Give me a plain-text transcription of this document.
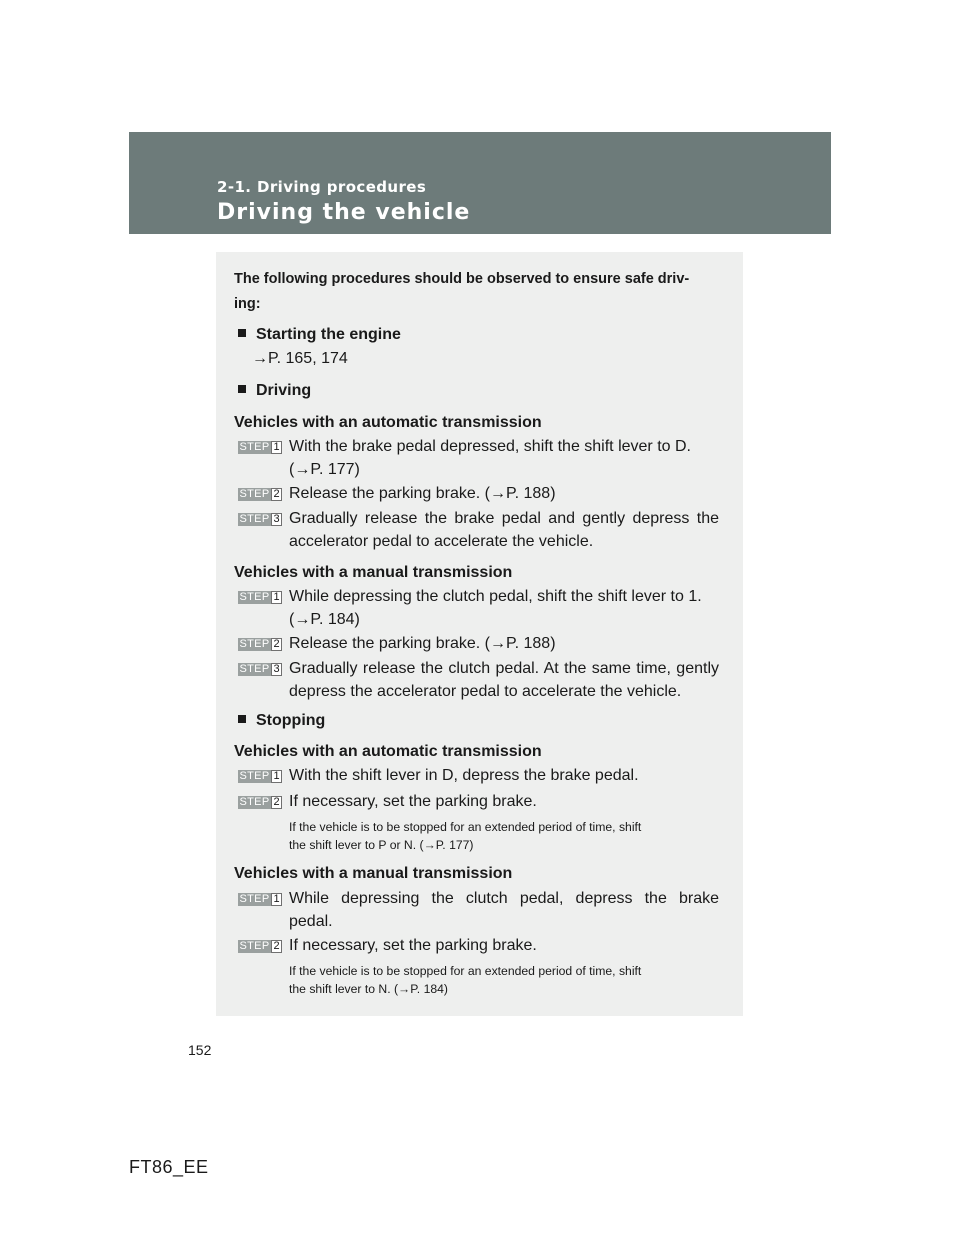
2-1. Driving procedures
Driving the vehicle
The following procedures should be observed to ensure safe driv-
ing:
Starting the engine
→P. 165, 174
Driving
Vehicles with an automatic transmission
STEP 1 With the brake pedal depressed, shift the shift lever to D.
(→P. 177)
STEP 2 Release the parking brake. (→P. 188)
STEP 3 Gradually release the brake pedal and gently depress the
accelerator pedal to accelerate the vehicle.
Vehicles with a manual transmission
STEP 1 While depressing the clutch pedal, shift the shift lever to 1.
(→P. 184)
STEP 2 Release the parking brake. (→P. 188)
STEP 3 Gradually release the clutch pedal. At the same time, gently
depress the accelerator pedal to accelerate the vehicle.
Stopping
Vehicles with an automatic transmission
STEP 1 With the shift lever in D, depress the brake pedal.
STEP 2 If necessary, set the parking brake.
If the vehicle is to be stopped for an extended period of time, shift
the shift lever to P or N. (→P. 177)
Vehicles with a manual transmission
STEP 1 While depressing the clutch pedal, depress the brake
pedal.
STEP 2 If necessary, set the parking brake.
If the vehicle is to be stopped for an extended period of time, shift
the shift lever to N. (→P. 184)
152
FT86_EE
